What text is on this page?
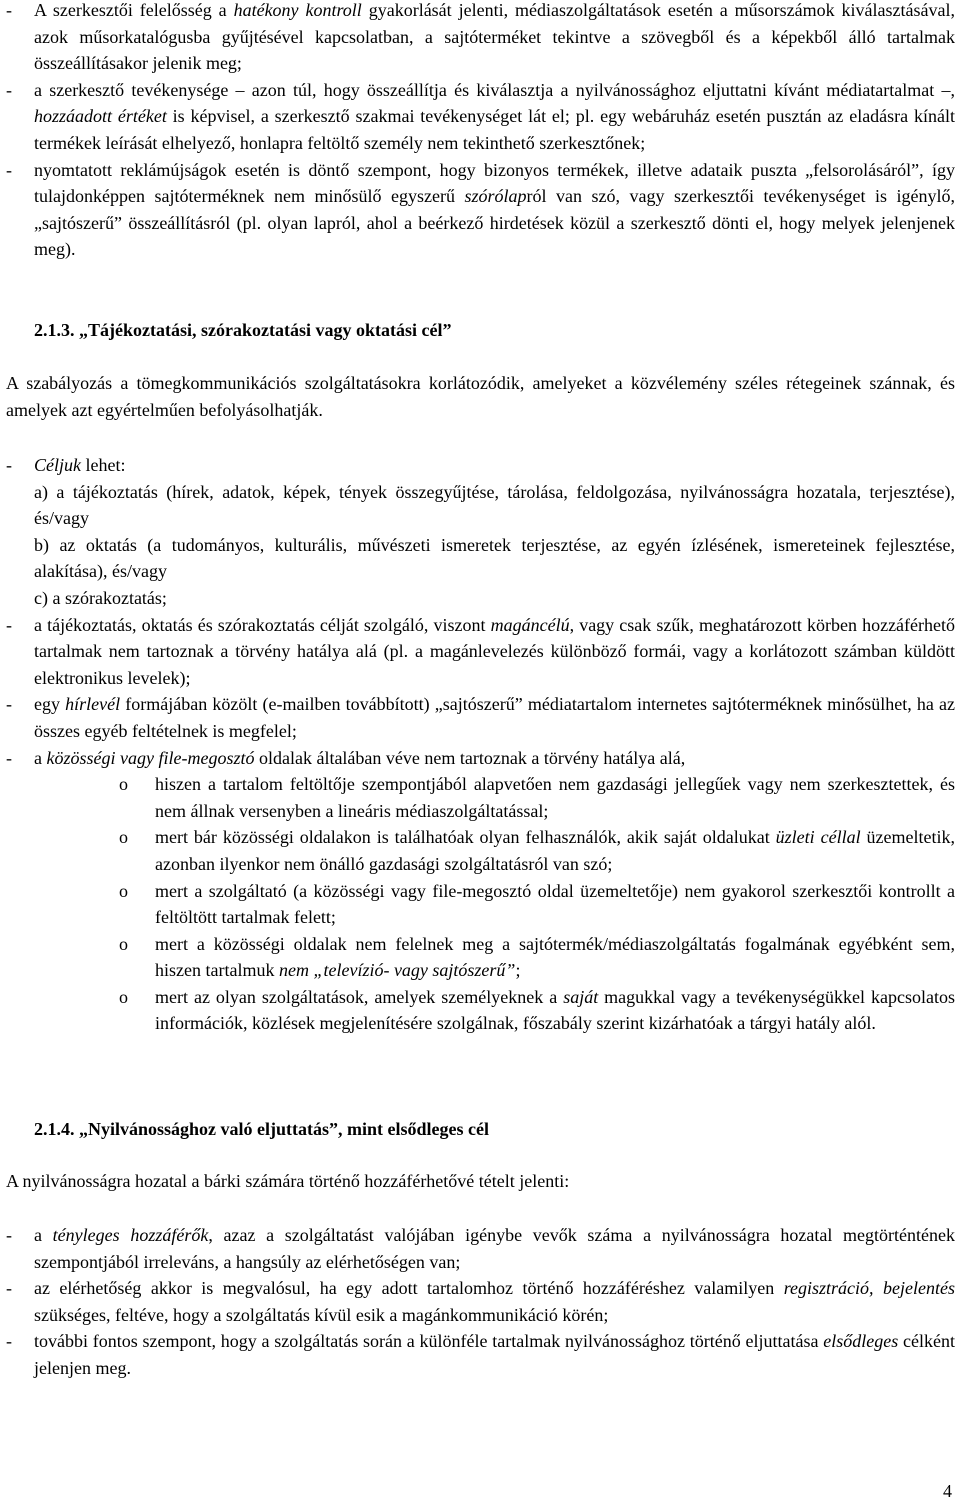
- A szerkesztői felelősség a hatékony kontroll gyakorlását jelenti, médiaszolgáltatások esetén a műsorszámok kiválasztásával, azok műsorkatalógusba gyűjtésével kapcsolatban, a sajtóterméket tekintve a szövegből és a képekből álló tartalmak összeállításakor jelenik meg;
- a szerkesztő tevékenysége – azon túl, hogy összeállítja és kiválasztja a nyilvánossághoz eljuttatni kívánt médiatartalmat –, hozzáadott értéket is képvisel, a szerkesztő szakmai tevékenységet lát el; pl. egy webáruház esetén pusztán az eladásra kínált termékek leírását elhelyező, honlapra feltöltő személy nem tekinthető szerkesztőnek;
- nyomtatott reklámújságok esetén is döntő szempont, hogy bizonyos termékek, illetve adataik puszta „felsorolásáról”, így tulajdonképpen sajtóterméknek nem minősülő egyszerű szórólapról van szó, vagy szerkesztői tevékenységet is igénylő, „sajtószerű” összeállításról (pl. olyan lapról, ahol a beérkező hirdetések közül a szerkesztő dönti el, hogy melyek jelenjenek meg).
2.1.3. „Tájékoztatási, szórakoztatási vagy oktatási cél”
A szabályozás a tömegkommunikációs szolgáltatásokra korlátozódik, amelyeket a közvélemény széles rétegeinek szánnak, és amelyek azt egyértelműen befolyásolhatják.
- Céljuk lehet:
a) a tájékoztatás (hírek, adatok, képek, tények összegyűjtése, tárolása, feldolgozása, nyilvánosságra hozatala, terjesztése), és/vagy
b) az oktatás (a tudományos, kulturális, művészeti ismeretek terjesztése, az egyén ízlésének, ismereteinek fejlesztése, alakítása), és/vagy
c) a szórakoztatás;
- a tájékoztatás, oktatás és szórakoztatás célját szolgáló, viszont magáncélú, vagy csak szűk, meghatározott körben hozzáférhető tartalmak nem tartoznak a törvény hatálya alá (pl. a magánlevelezés különböző formái, vagy a korlátozott számban küldött elektronikus levelek);
- egy hírlevél formájában közölt (e-mailben továbbított) „sajtószerű” médiatartalom internetes sajtóterméknek minősülhet, ha az összes egyéb feltételnek is megfelel;
- a közösségi vagy file-megosztó oldalak általában véve nem tartoznak a törvény hatálya alá,
o hiszen a tartalom feltöltője szempontjából alapvetően nem gazdasági jellegűek vagy nem szerkesztettek, és nem állnak versenyben a lineáris médiaszolgáltatással;
o mert bár közösségi oldalakon is találhatóak olyan felhasználók, akik saját oldalukat üzleti céllal üzemeltetik, azonban ilyenkor nem önálló gazdasági szolgáltatásról van szó;
o mert a szolgáltató (a közösségi vagy file-megosztó oldal üzemeltetője) nem gyakorol szerkesztői kontrollt a feltöltött tartalmak felett;
o mert a közösségi oldalak nem felelnek meg a sajtótermék/médiaszolgáltatás fogalmának egyébként sem, hiszen tartalmuk nem „televízió- vagy sajtószerű”;
o mert az olyan szolgáltatások, amelyek személyeknek a saját magukkal vagy a tevékenységükkel kapcsolatos információk, közlések megjelenítésére szolgálnak, főszabály szerint kizárhatóak a tárgyi hatály alól.
2.1.4. „Nyilvánossághoz való eljuttatás”, mint elsődleges cél
A nyilvánosságra hozatal a bárki számára történő hozzáférhetővé tételt jelenti:
- a tényleges hozzáférők, azaz a szolgáltatást valójában igénybe vevők száma a nyilvánosságra hozatal megtörténtének szempontjából irreleváns, a hangsúly az elérhetőségen van;
- az elérhetőség akkor is megvalósul, ha egy adott tartalomhoz történő hozzáféréshez valamilyen regisztráció, bejelentés szükséges, feltéve, hogy a szolgáltatás kívül esik a magánkommunikáció körén;
- további fontos szempont, hogy a szolgáltatás során a különféle tartalmak nyilvánossághoz történő eljuttatása elsődleges célként jelenjen meg.
4
